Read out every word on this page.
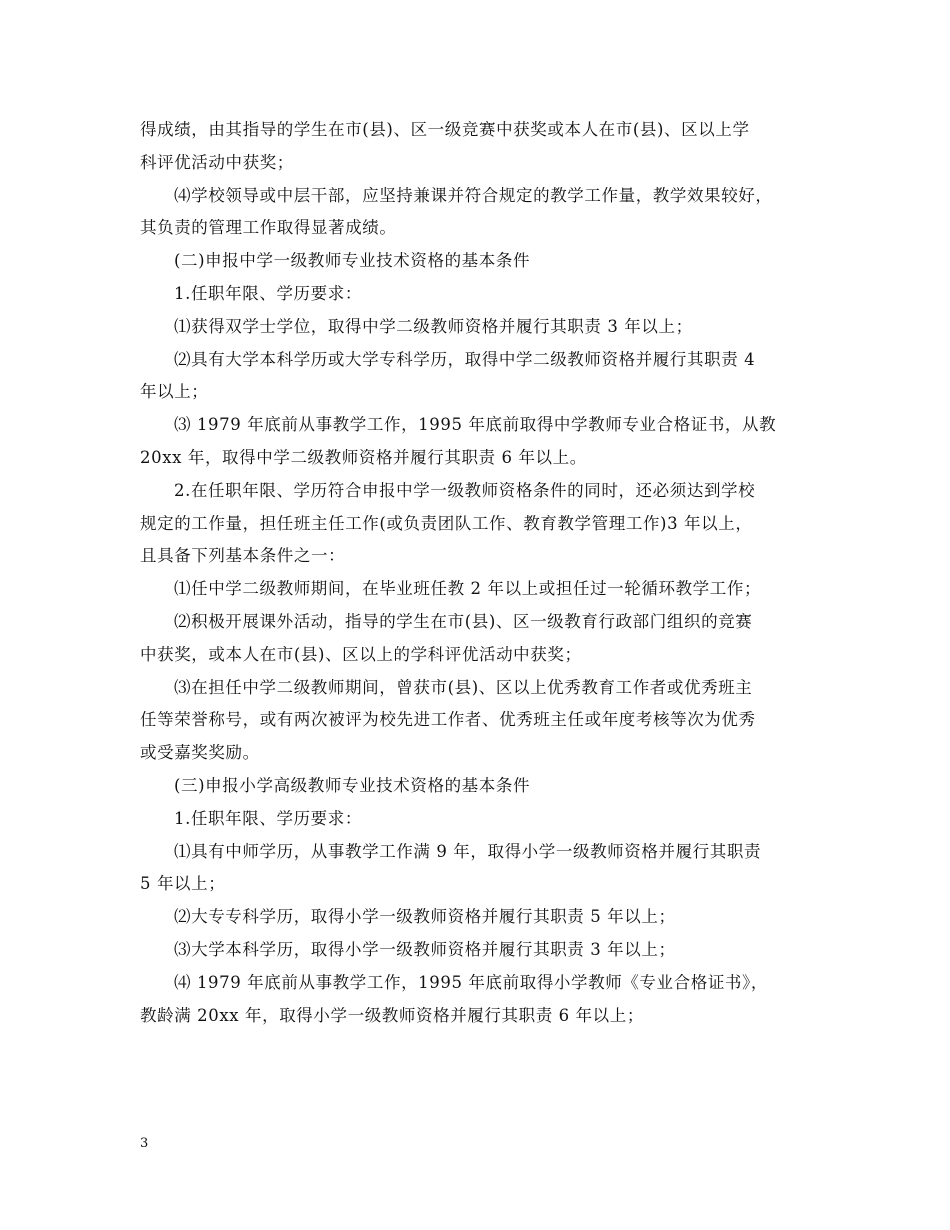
得成绩，由其指导的学生在市(县)、区一级竞赛中获奖或本人在市(县)、区以上学
科评优活动中获奖；
⑷学校领导或中层干部，应坚持兼课并符合规定的教学工作量，教学效果较好，
其负责的管理工作取得显著成绩。
(二)申报中学一级教师专业技术资格的基本条件
1.任职年限、学历要求：
⑴获得双学士学位，取得中学二级教师资格并履行其职责 3 年以上；
⑵具有大学本科学历或大学专科学历，取得中学二级教师资格并履行其职责 4
年以上；
⑶ 1979 年底前从事教学工作，1995 年底前取得中学教师专业合格证书，从教
20xx 年，取得中学二级教师资格并履行其职责 6 年以上。
2.在任职年限、学历符合申报中学一级教师资格条件的同时，还必须达到学校
规定的工作量，担任班主任工作(或负责团队工作、教育教学管理工作)3 年以上，
且具备下列基本条件之一：
⑴任中学二级教师期间，在毕业班任教 2 年以上或担任过一轮循环教学工作；
⑵积极开展课外活动，指导的学生在市(县)、区一级教育行政部门组织的竞赛
中获奖，或本人在市(县)、区以上的学科评优活动中获奖；
⑶在担任中学二级教师期间，曾获市(县)、区以上优秀教育工作者或优秀班主
任等荣誉称号，或有两次被评为校先进工作者、优秀班主任或年度考核等次为优秀
或受嘉奖奖励。
(三)申报小学高级教师专业技术资格的基本条件
1.任职年限、学历要求：
⑴具有中师学历，从事教学工作满 9 年，取得小学一级教师资格并履行其职责
5 年以上；
⑵大专专科学历，取得小学一级教师资格并履行其职责 5 年以上；
⑶大学本科学历，取得小学一级教师资格并履行其职责 3 年以上；
⑷ 1979 年底前从事教学工作，1995 年底前取得小学教师《专业合格证书》，
教龄满 20xx 年，取得小学一级教师资格并履行其职责 6 年以上；
3
